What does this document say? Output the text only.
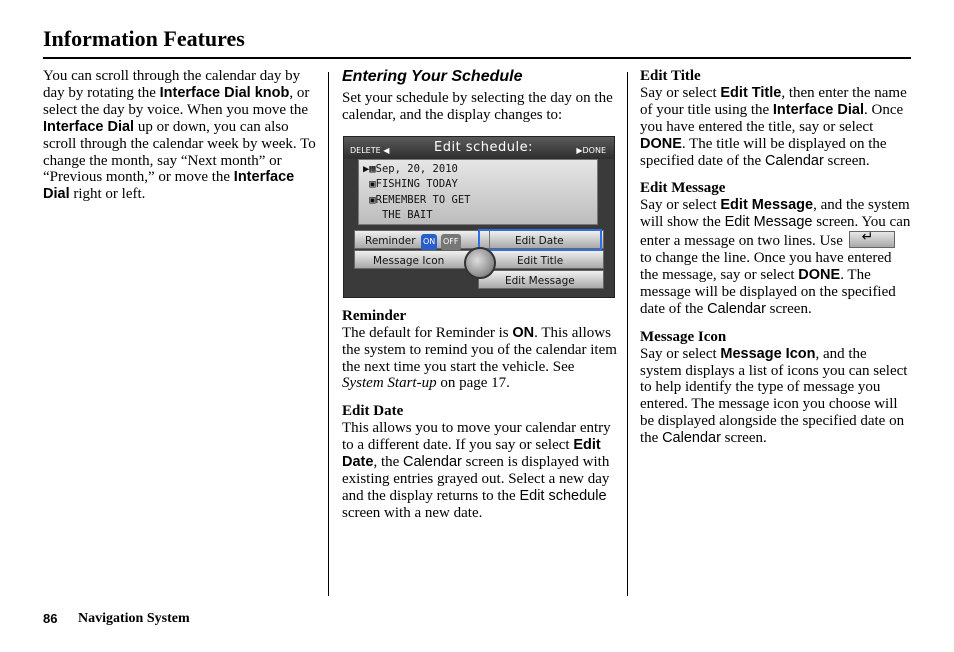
Information Features

You can scroll through the calendar day by day by rotating the Interface Dial knob, or select the day by voice. When you move the Interface Dial up or down, you can also scroll through the calendar week by week. To change the month, say “Next month” or “Previous month,” or move the Interface Dial right or left.

Entering Your Schedule

Set your schedule by selecting the day on the calendar, and the display changes to:

DELETE ◀	Edit schedule:	▶DONE
▶▦Sep, 20, 2010
▣FISHING TODAY
▣REMEMBER TO GET
THE BAIT
Reminder ON OFF	Edit Date
Message Icon	Edit Title
Edit Message
Reminder

The default for Reminder is ON. This allows the system to remind you of the calendar item the next time you start the vehicle. See System Start-up on page 17.

Edit Date

This allows you to move your calendar entry to a different date. If you say or select Edit Date, the Calendar screen is displayed with existing entries grayed out. Select a new day and the display returns to the Edit schedule screen with a new date.

Edit Title

Say or select Edit Title, then enter the name of your title using the Interface Dial. Once you have entered the title, say or select DONE. The title will be displayed on the specified date of the Calendar screen.

Edit Message

Say or select Edit Message, and the system will show the Edit Message screen. You can enter a message on two lines. Use ↵
to change the line. Once you have entered the message, say or select DONE. The message will be displayed on the specified date of the Calendar screen.

Message Icon

Say or select Message Icon, and the system displays a list of icons you can select to help identify the type of message you entered. The message icon you choose will be displayed alongside the specified date on the Calendar screen.

86 Navigation System
